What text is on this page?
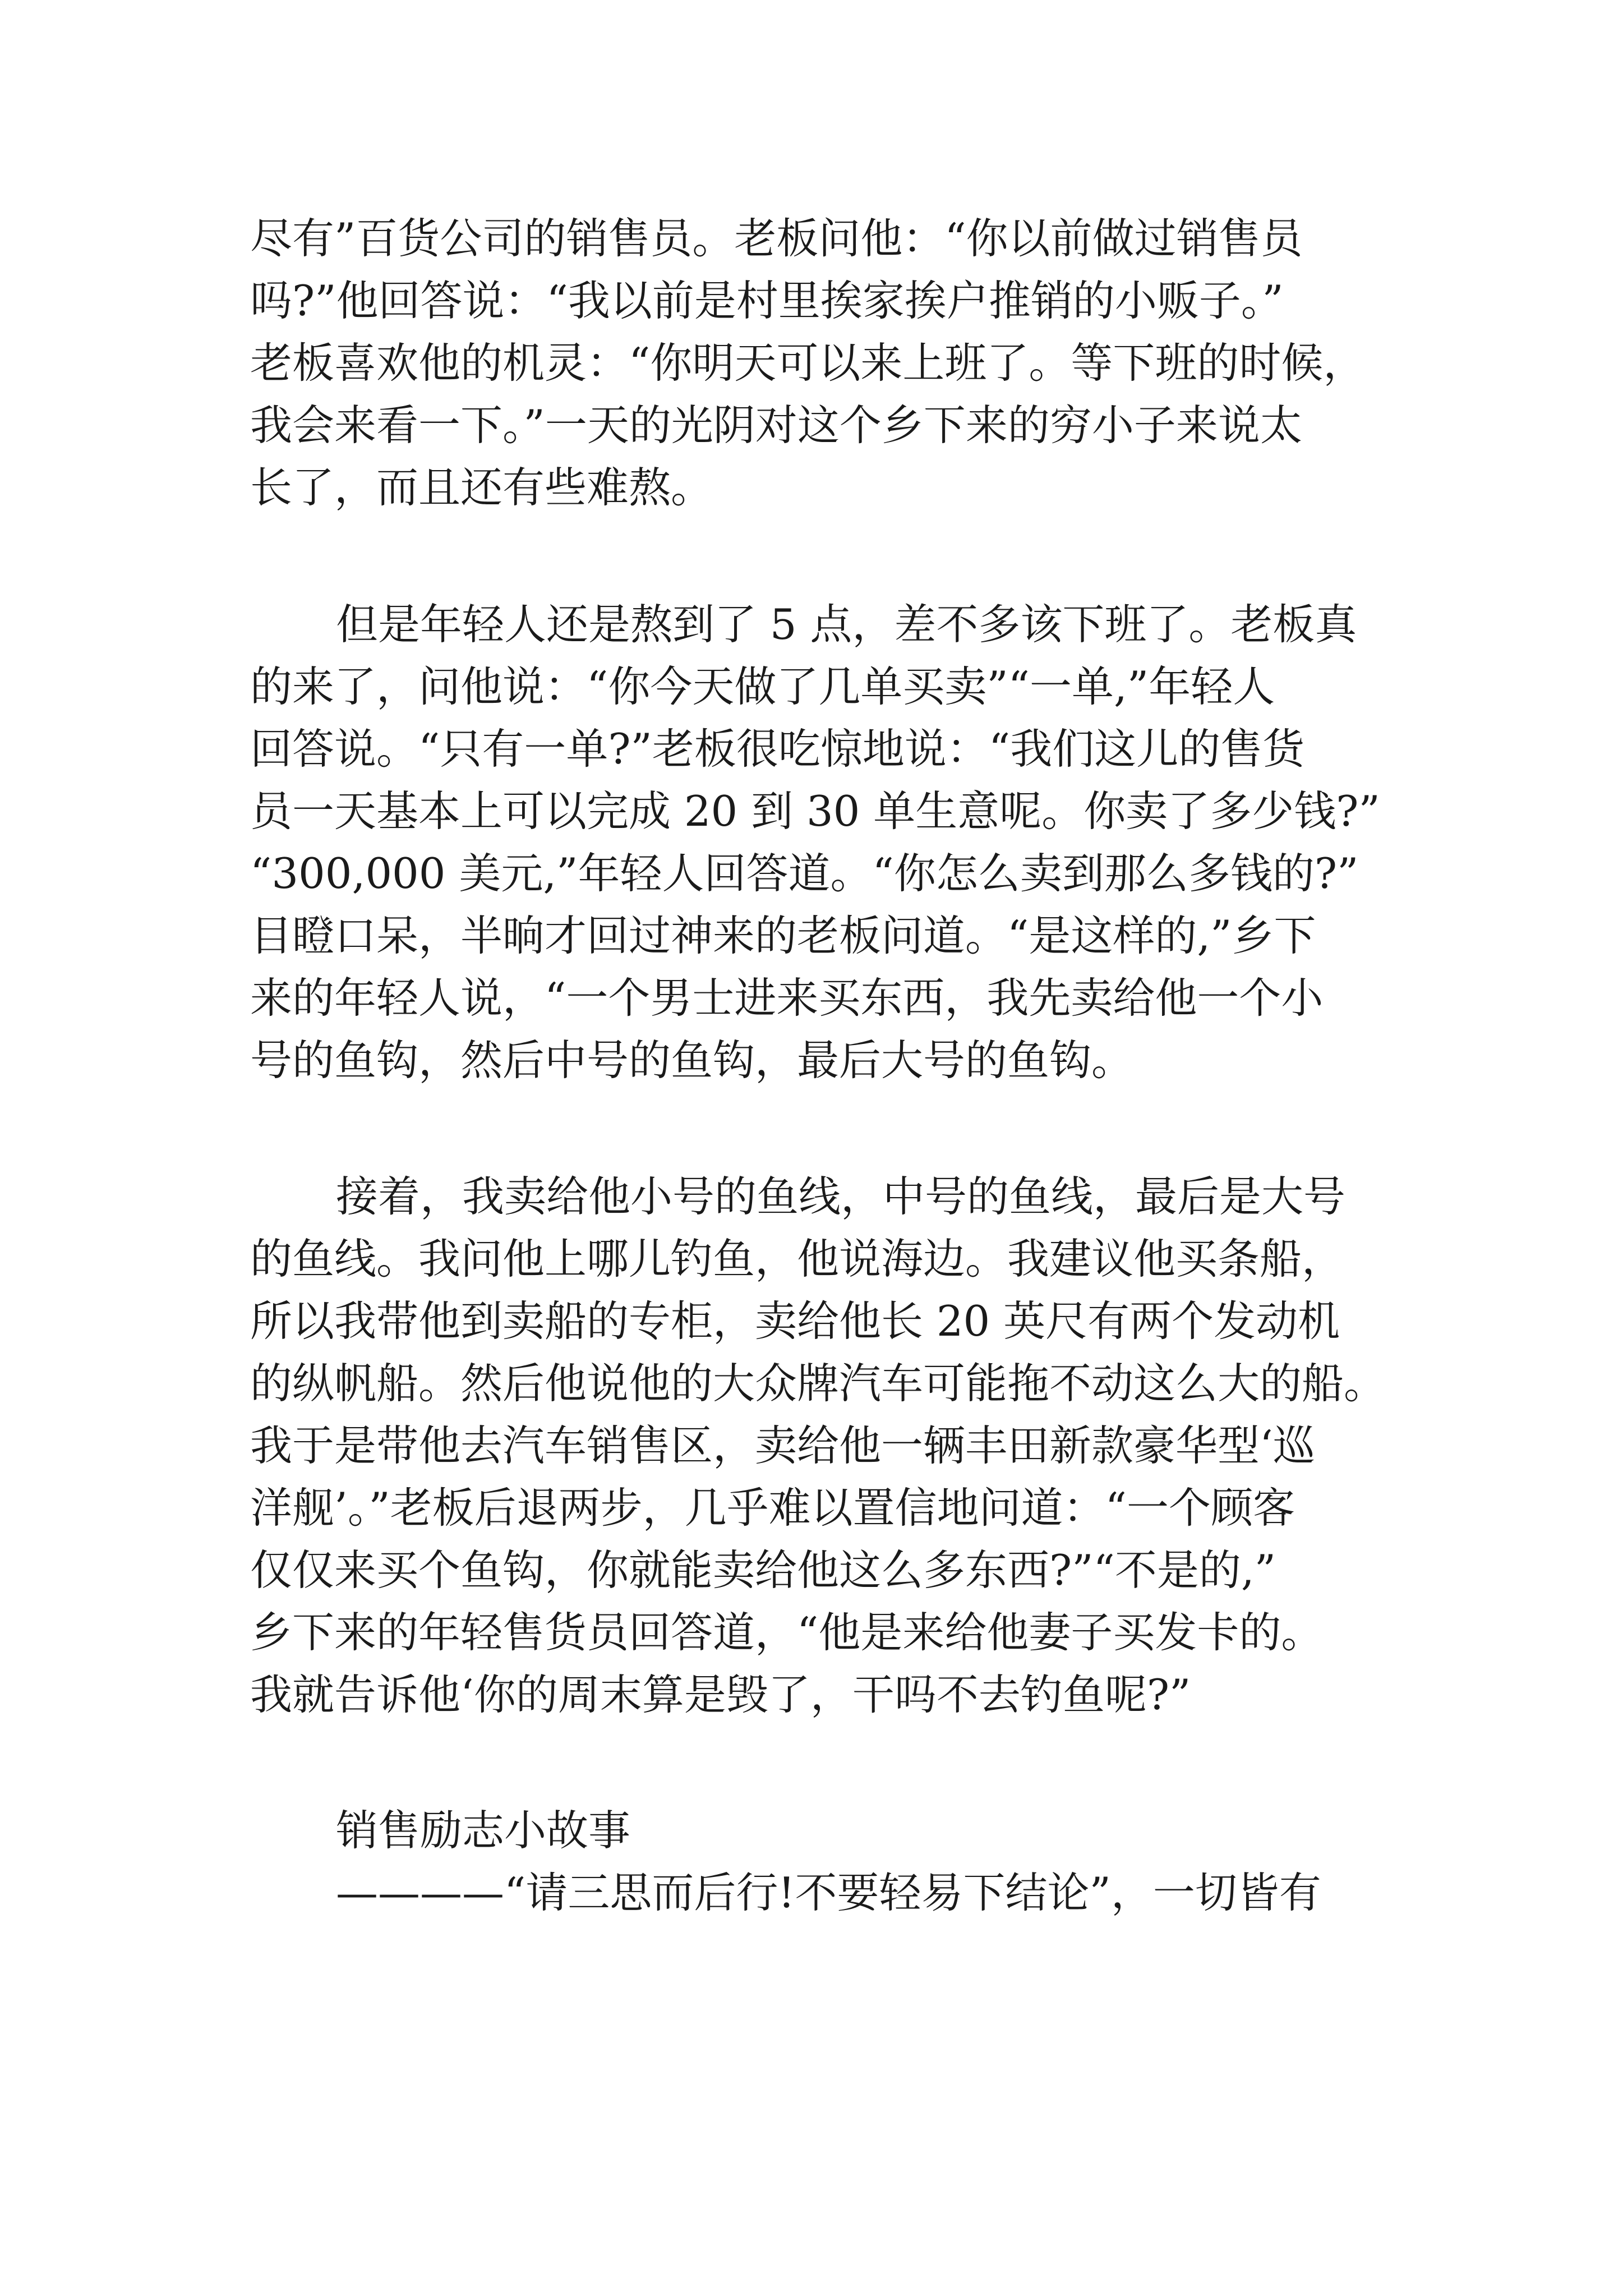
尽有”百货公司的销售员。老板问他：“你以前做过销售员

吗?”他回答说：“我以前是村里挨家挨户推销的小贩子。”

老板喜欢他的机灵：“你明天可以来上班了。等下班的时候，

我会来看一下。”一天的光阴对这个乡下来的穷小子来说太

长了，而且还有些难熬。

但是年轻人还是熬到了 5 点，差不多该下班了。老板真

的来了，问他说：“你今天做了几单买卖”“一单,”年轻人

回答说。“只有一单?”老板很吃惊地说：“我们这儿的售货

员一天基本上可以完成 20 到 30 单生意呢。你卖了多少钱?”

“300,000 美元,”年轻人回答道。“你怎么卖到那么多钱的?”

目瞪口呆，半晌才回过神来的老板问道。“是这样的,”乡下

来的年轻人说，“一个男士进来买东西，我先卖给他一个小

号的鱼钩，然后中号的鱼钩，最后大号的鱼钩。

接着，我卖给他小号的鱼线，中号的鱼线，最后是大号

的鱼线。我问他上哪儿钓鱼，他说海边。我建议他买条船，

所以我带他到卖船的专柜，卖给他长 20 英尺有两个发动机

的纵帆船。然后他说他的大众牌汽车可能拖不动这么大的船。

我于是带他去汽车销售区，卖给他一辆丰田新款豪华型‘巡

洋舰’。”老板后退两步，几乎难以置信地问道：“一个顾客

仅仅来买个鱼钩，你就能卖给他这么多东西?”“不是的,”

乡下来的年轻售货员回答道，“他是来给他妻子买发卡的。

我就告诉他‘你的周末算是毁了，干吗不去钓鱼呢?”

销售励志小故事

————“请三思而后行!不要轻易下结论”，一切皆有
